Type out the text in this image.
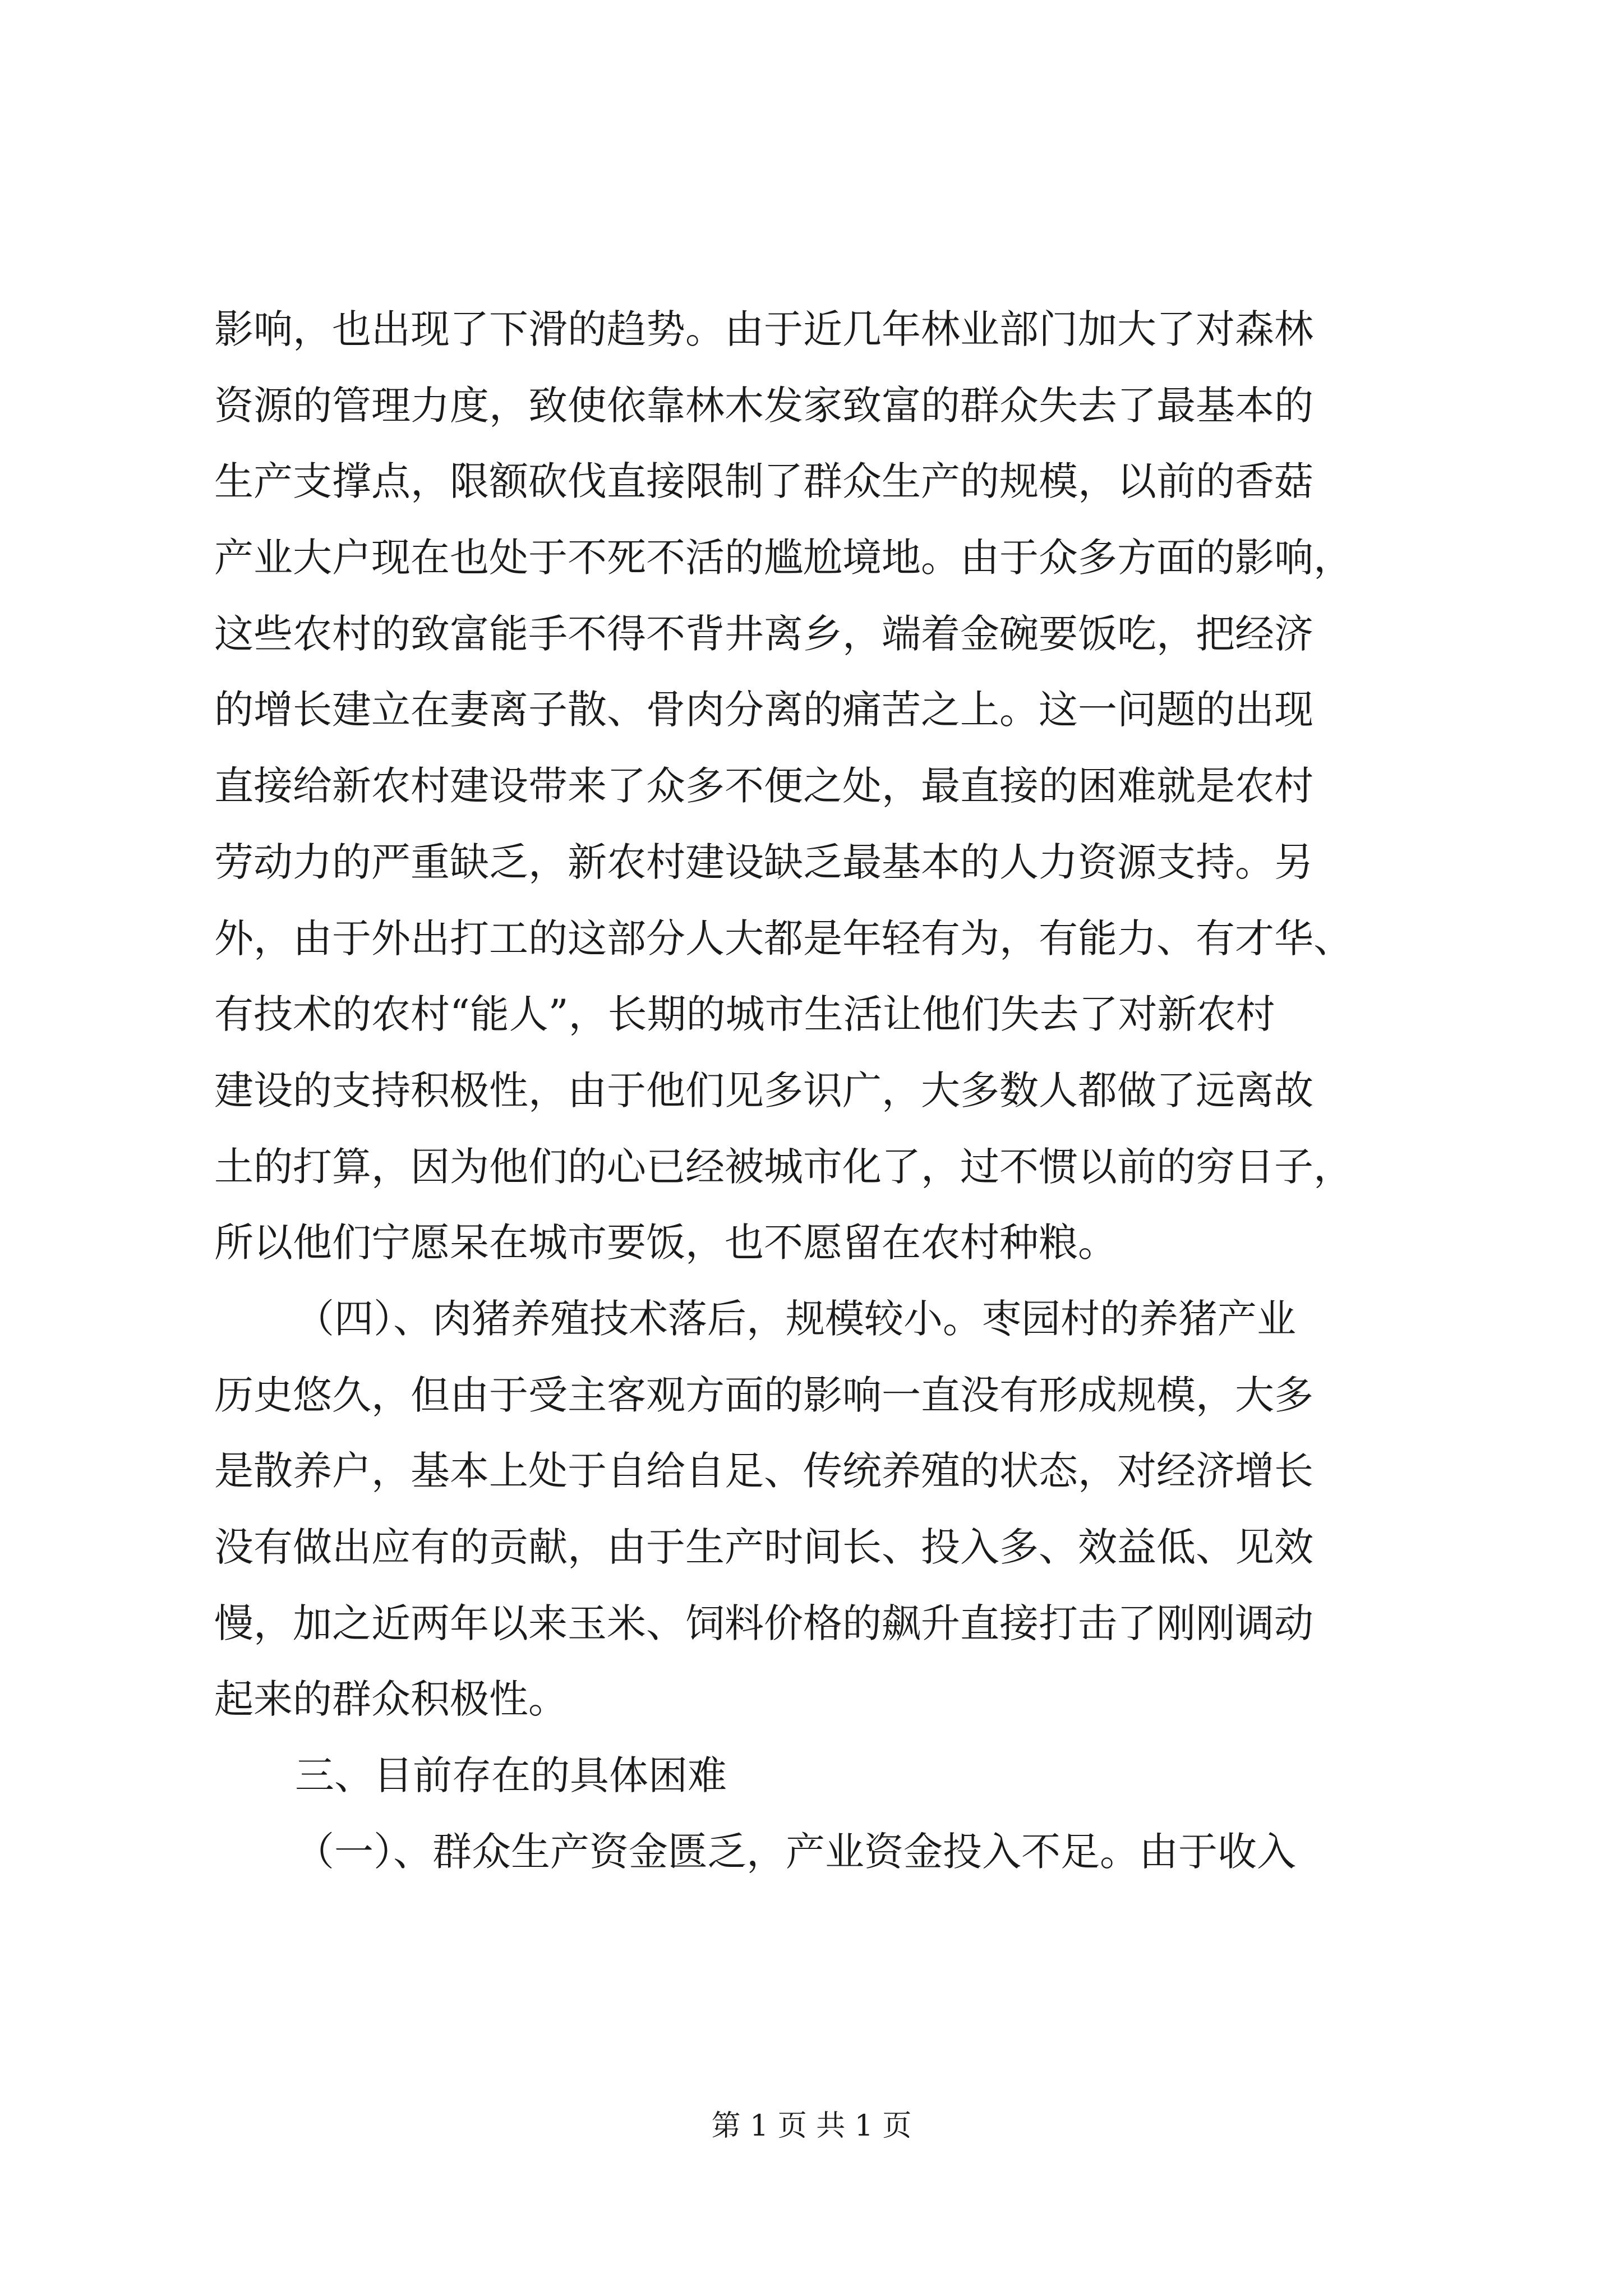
影响，也出现了下滑的趋势。由于近几年林业部门加大了对森林
资源的管理力度，致使依靠林木发家致富的群众失去了最基本的
生产支撑点，限额砍伐直接限制了群众生产的规模，以前的香菇
产业大户现在也处于不死不活的尴尬境地。由于众多方面的影响，
这些农村的致富能手不得不背井离乡，端着金碗要饭吃，把经济
的增长建立在妻离子散、骨肉分离的痛苦之上。这一问题的出现
直接给新农村建设带来了众多不便之处，最直接的困难就是农村
劳动力的严重缺乏，新农村建设缺乏最基本的人力资源支持。另
外，由于外出打工的这部分人大都是年轻有为，有能力、有才华、
有技术的农村“能人”，长期的城市生活让他们失去了对新农村
建设的支持积极性，由于他们见多识广，大多数人都做了远离故
土的打算，因为他们的心已经被城市化了，过不惯以前的穷日子，
所以他们宁愿呆在城市要饭，也不愿留在农村种粮。
（四）、肉猪养殖技术落后，规模较小。枣园村的养猪产业
历史悠久，但由于受主客观方面的影响一直没有形成规模，大多
是散养户，基本上处于自给自足、传统养殖的状态，对经济增长
没有做出应有的贡献，由于生产时间长、投入多、效益低、见效
慢，加之近两年以来玉米、饲料价格的飙升直接打击了刚刚调动
起来的群众积极性。
三、目前存在的具体困难
（一）、群众生产资金匮乏，产业资金投入不足。由于收入
第 1 页 共 1 页
